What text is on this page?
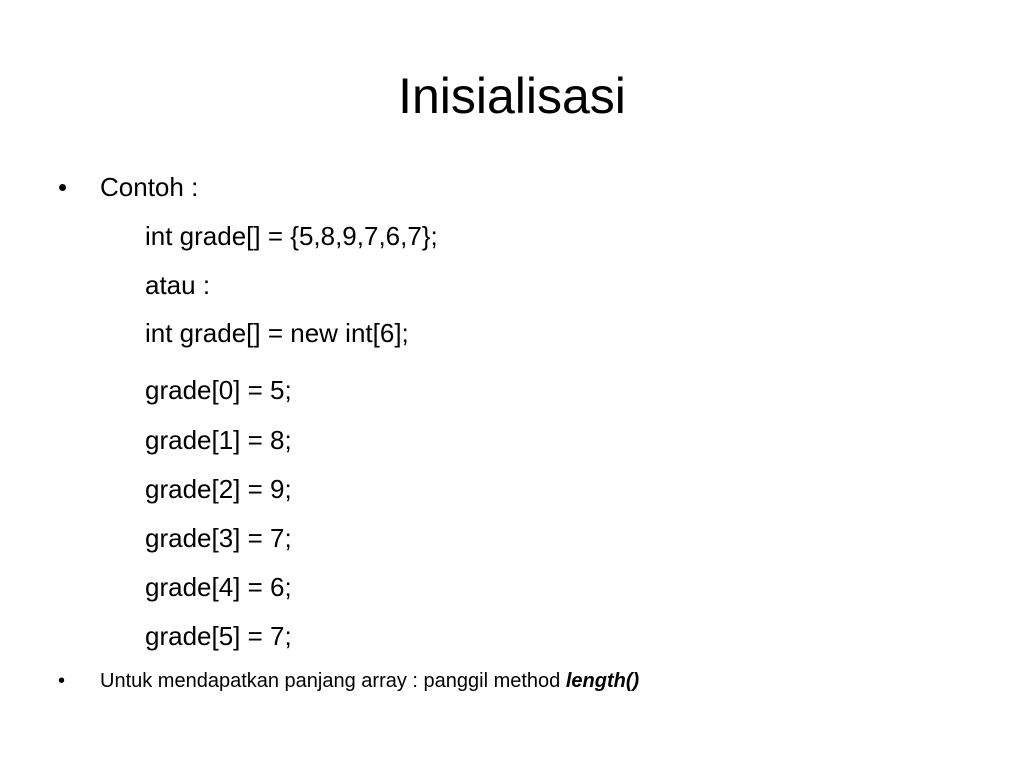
Inisialisasi
•	Contoh :
int grade[] = {5,8,9,7,6,7};
atau :
int grade[] = new int[6];
grade[0] = 5;
grade[1] = 8;
grade[2] = 9;
grade[3] = 7;
grade[4] = 6;
grade[5] = 7;
•	Untuk mendapatkan panjang array : panggil method length()
